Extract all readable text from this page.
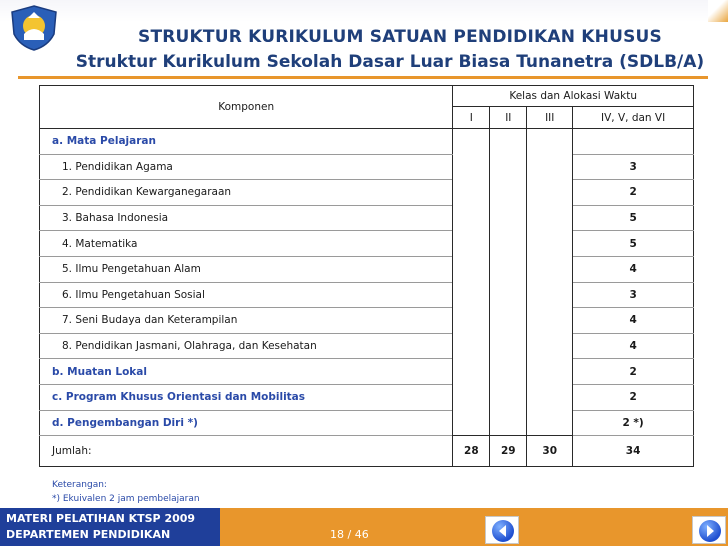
STRUKTUR KURIKULUM SATUAN PENDIDIKAN KHUSUS
Struktur Kurikulum Sekolah Dasar Luar Biasa Tunanetra (SDLB/A)
Komponen	Kelas dan Alokasi Waktu			
	I	II	III	IV, V, dan VI
a. Mata Pelajaran				
1. Pendidikan Agama				3
2. Pendidikan Kewarganegaraan				2
3. Bahasa Indonesia				5
4. Matematika				5
5. Ilmu Pengetahuan Alam				4
6. Ilmu Pengetahuan Sosial				3
7. Seni Budaya dan Keterampilan				4
8. Pendidikan Jasmani, Olahraga, dan Kesehatan				4
b. Muatan Lokal				2
c. Program Khusus Orientasi dan Mobilitas				2
d. Pengembangan Diri *)				2 *)
Jumlah:	28	29	30	34
Keterangan:
*) Ekuivalen 2 jam pembelajaran
MATERI PELATIHAN KTSP 2009
DEPARTEMEN PENDIDIKAN NASIONAL
18 / 46
